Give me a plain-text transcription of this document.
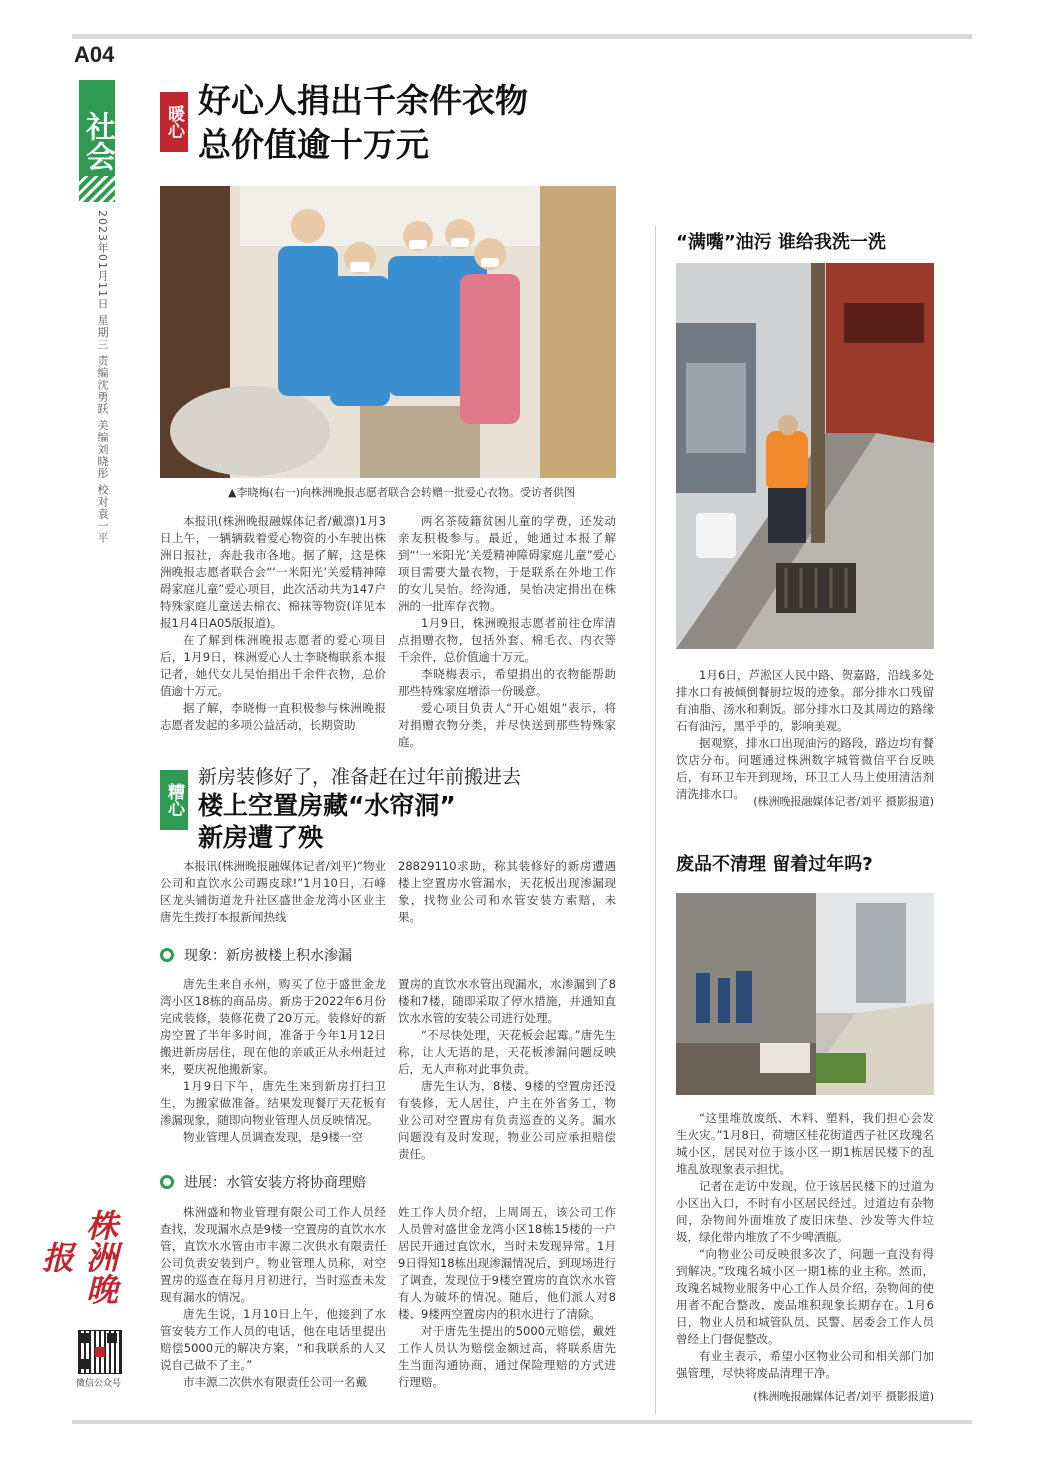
A04
社会
2023年01月11日 星期三 责编沈勇跃 美编刘晓彤 校对袁一平
株洲晚报
微信公众号
暖心
好心人捐出千余件衣物
总价值逾十万元
▲李晓梅(右一)向株洲晚报志愿者联合会转赠一批爱心衣物。受访者供图

本报讯(株洲晚报融媒体记者/戴凛)1月3日上午，一辆辆载着爱心物资的小车驶出株洲日报社，奔赴我市各地。据了解，这是株洲晚报志愿者联合会“‘一米阳光’关爱精神障碍家庭儿童”爱心项目，此次活动共为147户特殊家庭儿童送去棉衣、棉袜等物资(详见本报1月4日A05版报道)。

在了解到株洲晚报志愿者的爱心项目后，1月9日，株洲爱心人士李晓梅联系本报记者，她代女儿吴怡捐出千余件衣物，总价值逾十万元。

据了解，李晓梅一直积极参与株洲晚报志愿者发起的多项公益活动，长期资助

两名茶陵籍贫困儿童的学费，还发动亲友积极参与。最近，她通过本报了解到“‘一米阳光’关爱精神障碍家庭儿童”爱心项目需要大量衣物，于是联系在外地工作的女儿吴怡。经沟通，吴怡决定捐出在株洲的一批库存衣物。

1月9日，株洲晚报志愿者前往仓库清点捐赠衣物，包括外套、棉毛衣、内衣等千余件，总价值逾十万元。

李晓梅表示，希望捐出的衣物能帮助那些特殊家庭增添一份暖意。

爱心项目负责人“开心姐姐”表示，将对捐赠衣物分类，并尽快送到那些特殊家庭。

糟心
新房装修好了，准备赶在过年前搬进去
楼上空置房藏“水帘洞”
新房遭了殃

本报讯(株洲晚报融媒体记者/刘平)“物业公司和直饮水公司踢皮球!”1月10日，石峰区龙头铺街道龙升社区盛世金龙湾小区业主唐先生拨打本报新闻热线

28829110求助，称其装修好的新房遭遇楼上空置房水管漏水，天花板出现渗漏现象，找物业公司和水管安装方索赔，未果。

现象：新房被楼上积水渗漏

唐先生来自永州，购买了位于盛世金龙湾小区18栋的商品房。新房于2022年6月份完成装修，装修花费了20万元。装修好的新房空置了半年多时间，准备于今年1月12日搬进新房居住，现在他的亲戚正从永州赶过来，要庆祝他搬新家。

1月9日下午，唐先生来到新房打扫卫生，为搬家做准备。结果发现餐厅天花板有渗漏现象，随即向物业管理人员反映情况。

物业管理人员调查发现，是9楼一空

置房的直饮水水管出现漏水，水渗漏到了8楼和7楼，随即采取了停水措施，并通知直饮水水管的安装公司进行处理。

“不尽快处理，天花板会起霉。”唐先生称，让人无语的是，天花板渗漏问题反映后，无人声称对此事负责。

唐先生认为，8楼、9楼的空置房还没有装修，无人居住，户主在外省务工，物业公司对空置房有负责巡查的义务。漏水问题没有及时发现，物业公司应承担赔偿责任。

进展：水管安装方将协商理赔

株洲盛和物业管理有限公司工作人员经查找，发现漏水点是9楼一空置房的直饮水水管，直饮水水管由市丰源二次供水有限责任公司负责安装到户。物业管理人员称，对空置房的巡查在每月月初进行，当时巡查未发现有漏水的情况。

唐先生说，1月10日上午，他接到了水管安装方工作人员的电话，他在电话里提出赔偿5000元的解决方案，“和我联系的人又说自己做不了主。”

市丰源二次供水有限责任公司一名戴

姓工作人员介绍，上周周五，该公司工作人员曾对盛世金龙湾小区18栋15楼的一户居民开通过直饮水，当时未发现异常。1月9日得知18栋出现渗漏情况后，到现场进行了调查，发现位于9楼空置房的直饮水水管有人为破坏的情况。随后，他们派人对8楼、9楼两空置房内的积水进行了清除。

对于唐先生提出的5000元赔偿，戴姓工作人员认为赔偿金额过高，将联系唐先生当面沟通协商，通过保险理赔的方式进行理赔。

“满嘴”油污 谁给我洗一洗

1月6日，芦淞区人民中路、贺嘉路，沿线多处排水口有被倾倒餐厨垃圾的迹象。部分排水口残留有油脂、汤水和剩饭。部分排水口及其周边的路缘石有油污，黑乎乎的，影响美观。

据观察，排水口出现油污的路段，路边均有餐饮店分布。问题通过株洲数字城管微信平台反映后，有环卫车开到现场，环卫工人马上使用清洁剂清洗排水口。

(株洲晚报融媒体记者/刘平 摄影报道)
废品不清理 留着过年吗?

“这里堆放废纸、木料、塑料，我们担心会发生火灾。”1月8日，荷塘区桂花街道西子社区玫瑰名城小区，居民对位于该小区一期1栋居民楼下的乱堆乱放现象表示担忧。

记者在走访中发现，位于该居民楼下的过道为小区出入口，不时有小区居民经过。过道边有杂物间，杂物间外面堆放了废旧床垫、沙发等大件垃圾，绿化带内堆放了不少啤酒瓶。

“向物业公司反映很多次了，问题一直没有得到解决。”玫瑰名城小区一期1栋的业主称。然而，玫瑰名城物业服务中心工作人员介绍，杂物间的使用者不配合整改，废品堆积现象长期存在。1月6日，物业人员和城管队员、民警、居委会工作人员曾经上门督促整改。

有业主表示，希望小区物业公司和相关部门加强管理，尽快将废品清理干净。

(株洲晚报融媒体记者/刘平 摄影报道)
